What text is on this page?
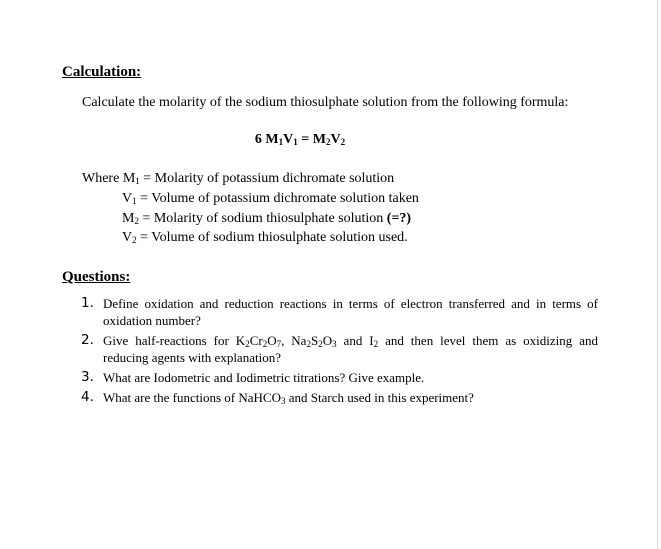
Calculation:

Calculate the molarity of the sodium thiosulphate solution from the following formula:

6 $M_1V_1 = M_2V_2$
Where $M_1$ = Molarity of potassium dichromate solution
$V_1$ = Volume of potassium dichromate solution taken
$M_2$ = Molarity of sodium thiosulphate solution (=?)
$V_2$ = Volume of sodium thiosulphate solution used.
Questions:
1. Define oxidation and reduction reactions in terms of electron transferred and in terms of oxidation number?
2. Give half-reactions for $K_2Cr_2O_7$, $Na_2S_2O_3$ and $I_2$ and then level them as oxidizing and reducing agents with explanation?
3. What are Iodometric and Iodimetric titrations? Give example.
4. What are the functions of NaHCO$_3$ and Starch used in this experiment?
